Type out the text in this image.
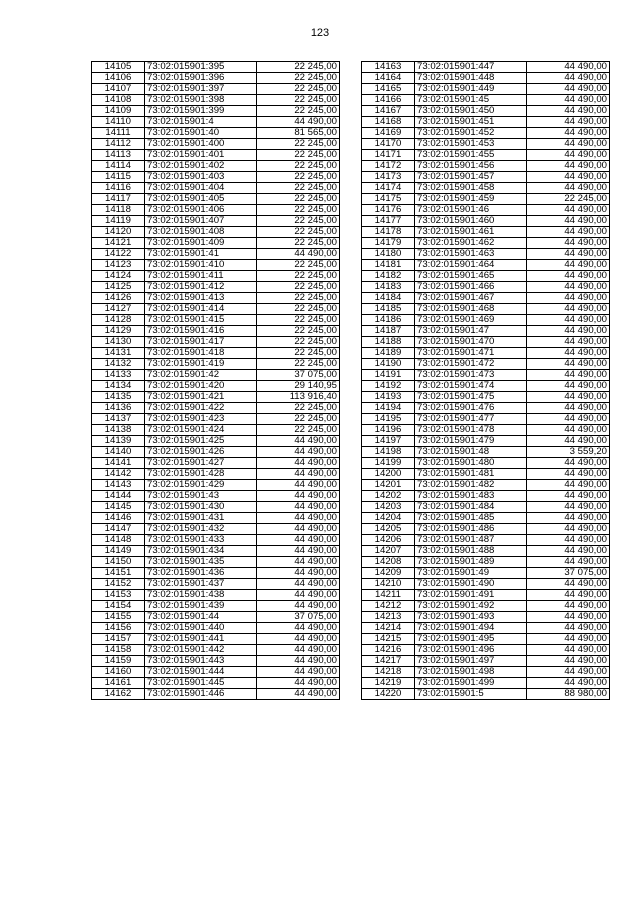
123
14105	73:02:015901:395	22 245,00
14106	73:02:015901:396	22 245,00
14107	73:02:015901:397	22 245,00
14108	73:02:015901:398	22 245,00
14109	73:02:015901:399	22 245,00
14110	73:02:015901:4	44 490,00
14111	73:02:015901:40	81 565,00
14112	73:02:015901:400	22 245,00
14113	73:02:015901:401	22 245,00
14114	73:02:015901:402	22 245,00
14115	73:02:015901:403	22 245,00
14116	73:02:015901:404	22 245,00
14117	73:02:015901:405	22 245,00
14118	73:02:015901:406	22 245,00
14119	73:02:015901:407	22 245,00
14120	73:02:015901:408	22 245,00
14121	73:02:015901:409	22 245,00
14122	73:02:015901:41	44 490,00
14123	73:02:015901:410	22 245,00
14124	73:02:015901:411	22 245,00
14125	73:02:015901:412	22 245,00
14126	73:02:015901:413	22 245,00
14127	73:02:015901:414	22 245,00
14128	73:02:015901:415	22 245,00
14129	73:02:015901:416	22 245,00
14130	73:02:015901:417	22 245,00
14131	73:02:015901:418	22 245,00
14132	73:02:015901:419	22 245,00
14133	73:02:015901:42	37 075,00
14134	73:02:015901:420	29 140,95
14135	73:02:015901:421	113 916,40
14136	73:02:015901:422	22 245,00
14137	73:02:015901:423	22 245,00
14138	73:02:015901:424	22 245,00
14139	73:02:015901:425	44 490,00
14140	73:02:015901:426	44 490,00
14141	73:02:015901:427	44 490,00
14142	73:02:015901:428	44 490,00
14143	73:02:015901:429	44 490,00
14144	73:02:015901:43	44 490,00
14145	73:02:015901:430	44 490,00
14146	73:02:015901:431	44 490,00
14147	73:02:015901:432	44 490,00
14148	73:02:015901:433	44 490,00
14149	73:02:015901:434	44 490,00
14150	73:02:015901:435	44 490,00
14151	73:02:015901:436	44 490,00
14152	73:02:015901:437	44 490,00
14153	73:02:015901:438	44 490,00
14154	73:02:015901:439	44 490,00
14155	73:02:015901:44	37 075,00
14156	73:02:015901:440	44 490,00
14157	73:02:015901:441	44 490,00
14158	73:02:015901:442	44 490,00
14159	73:02:015901:443	44 490,00
14160	73:02:015901:444	44 490,00
14161	73:02:015901:445	44 490,00
14162	73:02:015901:446	44 490,00
14163	73:02:015901:447	44 490,00
14164	73:02:015901:448	44 490,00
14165	73:02:015901:449	44 490,00
14166	73:02:015901:45	44 490,00
14167	73:02:015901:450	44 490,00
14168	73:02:015901:451	44 490,00
14169	73:02:015901:452	44 490,00
14170	73:02:015901:453	44 490,00
14171	73:02:015901:455	44 490,00
14172	73:02:015901:456	44 490,00
14173	73:02:015901:457	44 490,00
14174	73:02:015901:458	44 490,00
14175	73:02:015901:459	22 245,00
14176	73:02:015901:46	44 490,00
14177	73:02:015901:460	44 490,00
14178	73:02:015901:461	44 490,00
14179	73:02:015901:462	44 490,00
14180	73:02:015901:463	44 490,00
14181	73:02:015901:464	44 490,00
14182	73:02:015901:465	44 490,00
14183	73:02:015901:466	44 490,00
14184	73:02:015901:467	44 490,00
14185	73:02:015901:468	44 490,00
14186	73:02:015901:469	44 490,00
14187	73:02:015901:47	44 490,00
14188	73:02:015901:470	44 490,00
14189	73:02:015901:471	44 490,00
14190	73:02:015901:472	44 490,00
14191	73:02:015901:473	44 490,00
14192	73:02:015901:474	44 490,00
14193	73:02:015901:475	44 490,00
14194	73:02:015901:476	44 490,00
14195	73:02:015901:477	44 490,00
14196	73:02:015901:478	44 490,00
14197	73:02:015901:479	44 490,00
14198	73:02:015901:48	3 559,20
14199	73:02:015901:480	44 490,00
14200	73:02:015901:481	44 490,00
14201	73:02:015901:482	44 490,00
14202	73:02:015901:483	44 490,00
14203	73:02:015901:484	44 490,00
14204	73:02:015901:485	44 490,00
14205	73:02:015901:486	44 490,00
14206	73:02:015901:487	44 490,00
14207	73:02:015901:488	44 490,00
14208	73:02:015901:489	44 490,00
14209	73:02:015901:49	37 075,00
14210	73:02:015901:490	44 490,00
14211	73:02:015901:491	44 490,00
14212	73:02:015901:492	44 490,00
14213	73:02:015901:493	44 490,00
14214	73:02:015901:494	44 490,00
14215	73:02:015901:495	44 490,00
14216	73:02:015901:496	44 490,00
14217	73:02:015901:497	44 490,00
14218	73:02:015901:498	44 490,00
14219	73:02:015901:499	44 490,00
14220	73:02:015901:5	88 980,00
